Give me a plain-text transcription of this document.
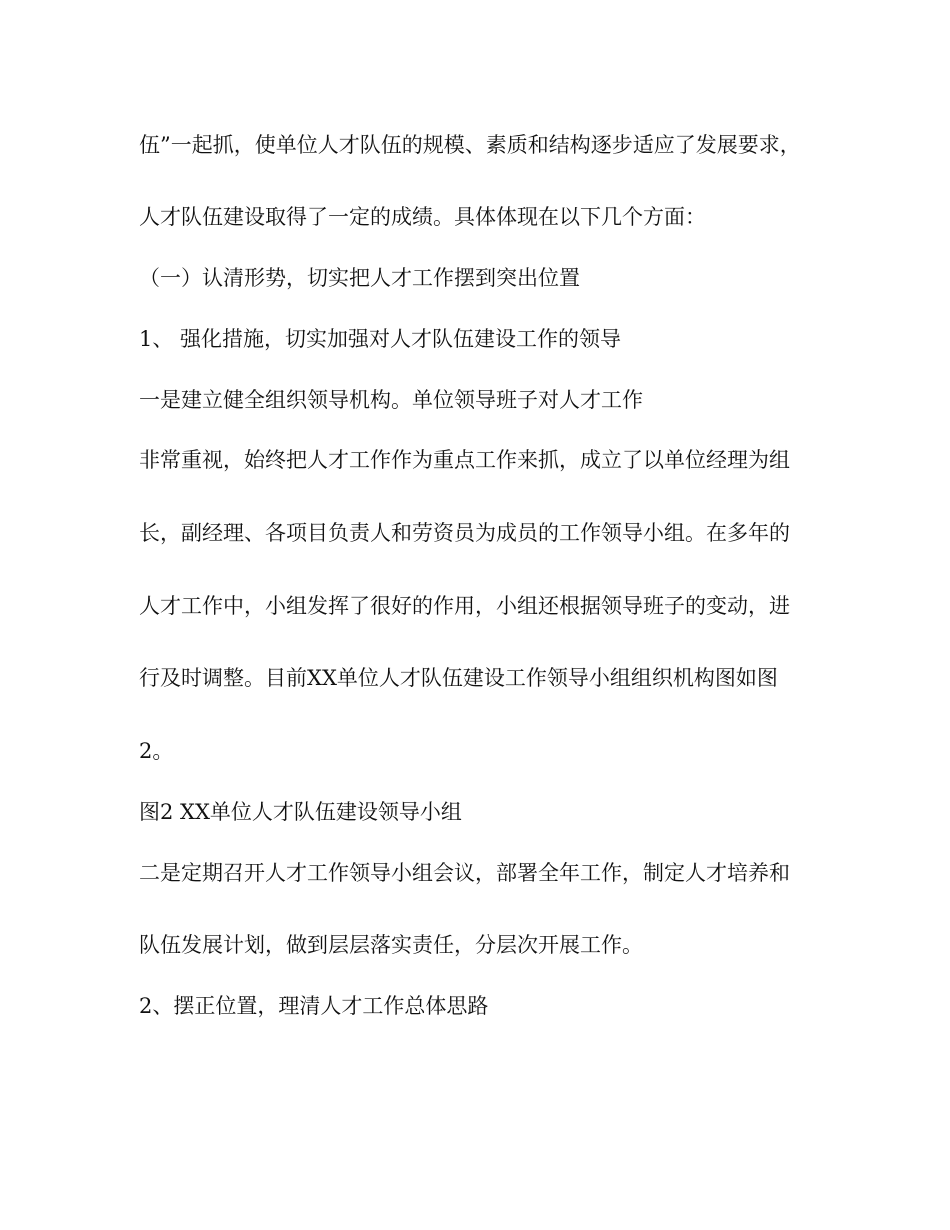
伍”一起抓，使单位人才队伍的规模、素质和结构逐步适应了发展要求，

人才队伍建设取得了一定的成绩。具体体现在以下几个方面：

（一）认清形势，切实把人才工作摆到突出位置

1、 强化措施，切实加强对人才队伍建设工作的领导

一是建立健全组织领导机构。单位领导班子对人才工作

非常重视，始终把人才工作作为重点工作来抓，成立了以单位经理为组

长，副经理、各项目负责人和劳资员为成员的工作领导小组。在多年的

人才工作中，小组发挥了很好的作用，小组还根据领导班子的变动，进

行及时调整。目前XX单位人才队伍建设工作领导小组组织机构图如图

2。

图2 XX单位人才队伍建设领导小组

二是定期召开人才工作领导小组会议，部署全年工作，制定人才培养和

队伍发展计划，做到层层落实责任，分层次开展工作。

2、摆正位置，理清人才工作总体思路
